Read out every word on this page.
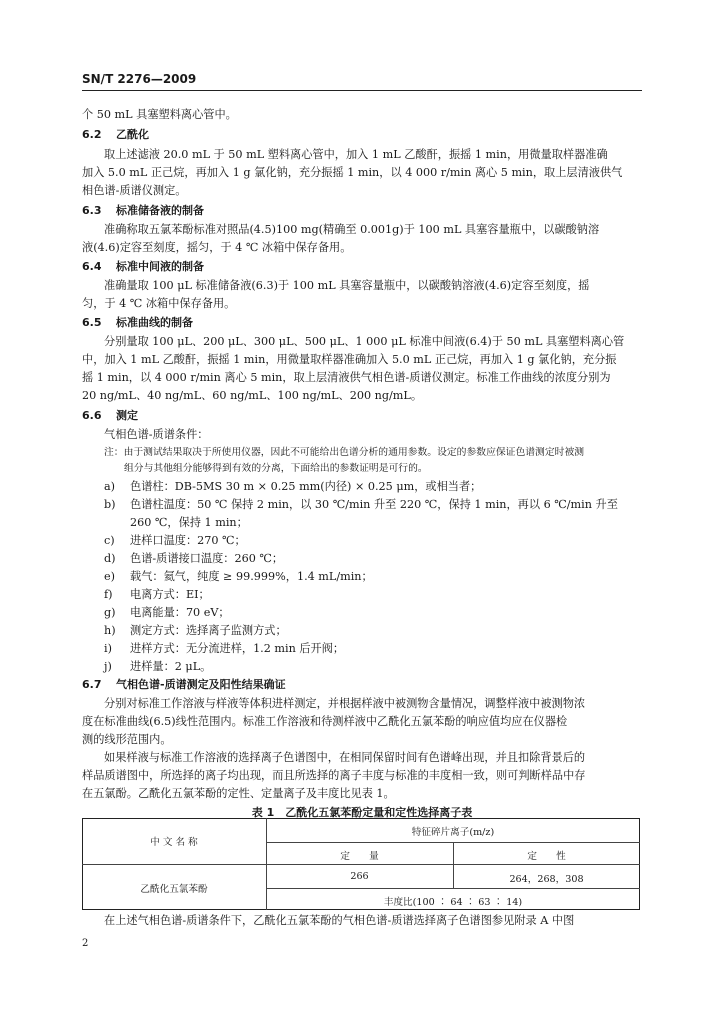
SN/T 2276—2009
个 50 mL 具塞塑料离心管中。
6.2 乙酰化
取上述滤液 20.0 mL 于 50 mL 塑料离心管中，加入 1 mL 乙酸酐，振摇 1 min，用微量取样器准确
加入 5.0 mL 正己烷，再加入 1 g 氯化钠，充分振摇 1 min，以 4 000 r/min 离心 5 min，取上层清液供气
相色谱-质谱仪测定。
6.3 标准储备液的制备
准确称取五氯苯酚标准对照品(4.5)100 mg(精确至 0.001g)于 100 mL 具塞容量瓶中，以碳酸钠溶
液(4.6)定容至刻度，摇匀，于 4 ℃ 冰箱中保存备用。
6.4 标准中间液的制备
准确量取 100 μL 标准储备液(6.3)于 100 mL 具塞容量瓶中，以碳酸钠溶液(4.6)定容至刻度，摇
匀，于 4 ℃ 冰箱中保存备用。
6.5 标准曲线的制备
分别量取 100 μL、200 μL、300 μL、500 μL、1 000 μL 标准中间液(6.4)于 50 mL 具塞塑料离心管
中，加入 1 mL 乙酸酐，振摇 1 min，用微量取样器准确加入 5.0 mL 正己烷，再加入 1 g 氯化钠，充分振
摇 1 min，以 4 000 r/min 离心 5 min，取上层清液供气相色谱-质谱仪测定。标准工作曲线的浓度分别为
20 ng/mL、40 ng/mL、60 ng/mL、100 ng/mL、200 ng/mL。
6.6 测定
气相色谱-质谱条件：
注：由于测试结果取决于所使用仪器，因此不可能给出色谱分析的通用参数。设定的参数应保证色谱测定时被测
组分与其他组分能够得到有效的分离，下面给出的参数证明是可行的。
a) 色谱柱：DB-5MS 30 m × 0.25 mm(内径) × 0.25 μm，或相当者；
b) 色谱柱温度：50 ℃ 保持 2 min，以 30 ℃/min 升至 220 ℃，保持 1 min，再以 6 ℃/min 升至
260 ℃，保持 1 min；
c) 进样口温度：270 ℃；
d) 色谱-质谱接口温度：260 ℃；
e) 载气：氦气，纯度 ≥ 99.999%，1.4 mL/min；
f) 电离方式：EI；
g) 电离能量：70 eV；
h) 测定方式：选择离子监测方式；
i) 进样方式：无分流进样，1.2 min 后开阀；
j) 进样量：2 μL。
6.7 气相色谱-质谱测定及阳性结果确证
分别对标准工作溶液与样液等体积进样测定，并根据样液中被测物含量情况，调整样液中被测物浓
度在标准曲线(6.5)线性范围内。标准工作溶液和待测样液中乙酰化五氯苯酚的响应值均应在仪器检
测的线形范围内。
如果样液与标准工作溶液的选择离子色谱图中，在相同保留时间有色谱峰出现，并且扣除背景后的
样品质谱图中，所选择的离子均出现，而且所选择的离子丰度与标准的丰度相一致，则可判断样品中存
在五氯酚。乙酰化五氯苯酚的定性、定量离子及丰度比见表 1。
表 1　乙酰化五氯苯酚定量和定性选择离子表
中 文 名 称
特征碎片离子(m/z)
定　　量	定　　性
乙酰化五氯苯酚
266	264，268，308
丰度比(100 ∶ 64 ∶ 63 ∶ 14)
在上述气相色谱-质谱条件下，乙酰化五氯苯酚的气相色谱-质谱选择离子色谱图参见附录 A 中图
2
